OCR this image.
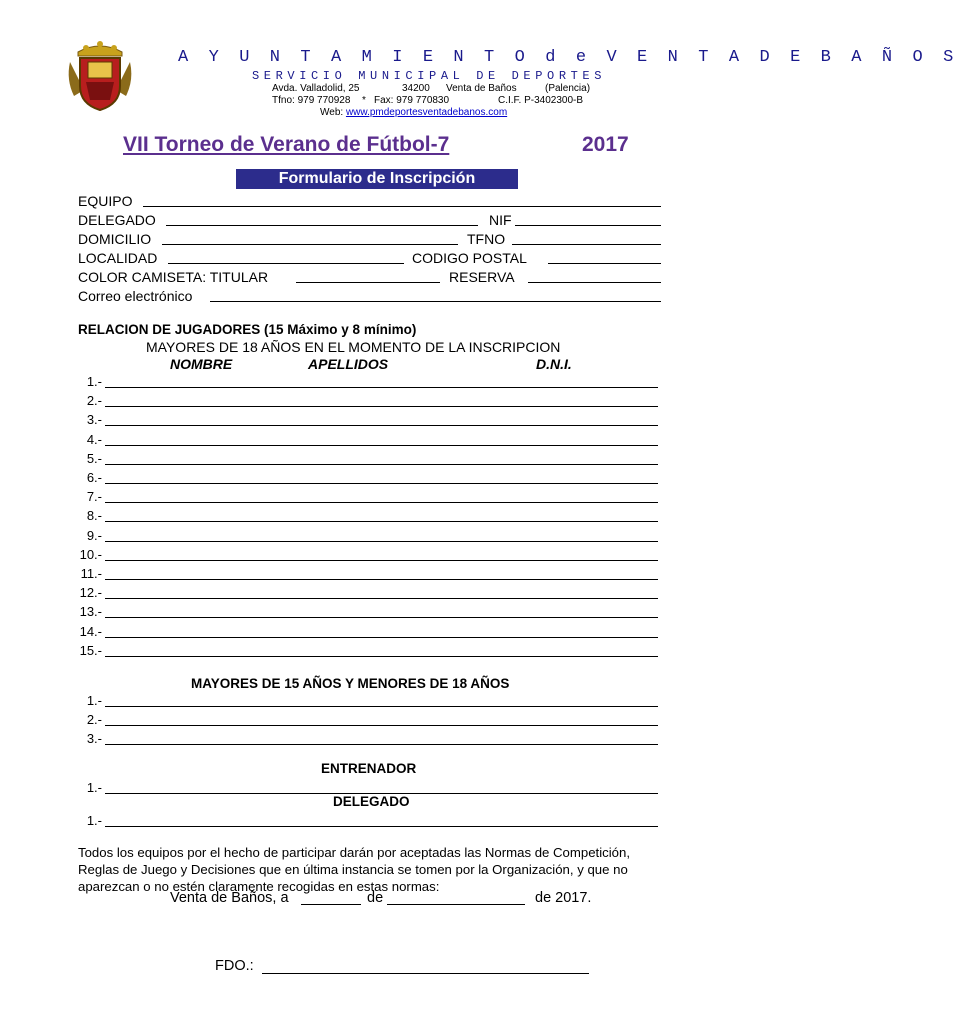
A Y U N T A M I E N T O d e V E N T A D E B A Ñ O S
SERVICIO MUNICIPAL DE DEPORTES
Avda. Valladolid, 25	34200 Venta de Baños	(Palencia)
Tfno: 979 770928 * Fax: 979 770830	C.I.F. P-3402300-B
Web: www.pmdeportesventadebanos.com
VII Torneo de Verano de Fútbol-7	2017
Formulario de Inscripción
EQUIPO
DELEGADO	NIF
DOMICILIO	TFNO
LOCALIDAD	CODIGO POSTAL
COLOR CAMISETA: TITULAR	RESERVA
Correo electrónico
RELACION DE JUGADORES (15 Máximo y 8 mínimo)
MAYORES DE 18 AÑOS EN EL MOMENTO DE LA INSCRIPCION
NOMBRE	APELLIDOS	D.N.I.
1.-
2.-
3.-
4.-
5.-
6.-
7.-
8.-
9.-
10.-
11.-
12.-
13.-
14.-
15.-
MAYORES DE 15 AÑOS Y MENORES DE 18 AÑOS
1.-
2.-
3.-
ENTRENADOR
1.-
DELEGADO
1.-
Todos los equipos por el hecho de participar darán por aceptadas las Normas de Competición,
Reglas de Juego y Decisiones que en última instancia se tomen por la Organización, y que no
aparezcan o no estén claramente recogidas en estas normas:
Venta de Baños, a	de	de 2017.
FDO.:
